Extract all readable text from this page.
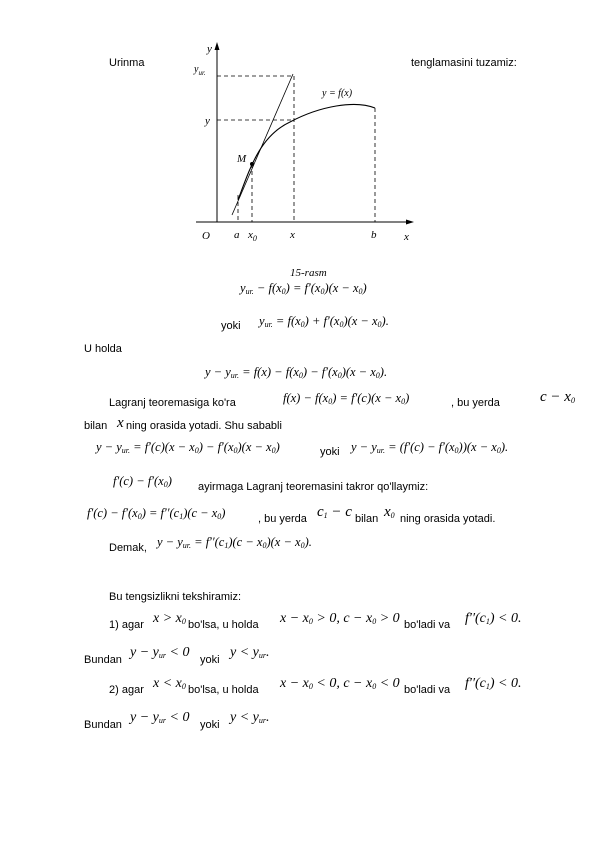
Urinma	tenglamasini tuzamiz:
y
$y_{ur.}$
y
y = f(x)
M
O a $x_0$	x	b	x
15-rasm
$y_{ur.} - f(x_0) = f'(x_0)(x - x_0)$
yoki $y_{ur.} = f(x_0) + f'(x_0)(x - x_0)$.
U holda
$y - y_{ur.} = f(x) - f(x_0) - f'(x_0)(x - x_0)$.
Lagranj teoremasiga ko'ra	$f(x) - f(x_0) = f'(c)(x - x_0)$	, bu yerda	$c - x_0$
bilan x ning orasida yotadi. Shu sababli
$y - y_{ur.} = f'(c)(x - x_0) - f'(x_0)(x - x_0)$	yoki $y - y_{ur.} = (f'(c) - f'(x_0))(x - x_0)$.
$f'(c) - f'(x_0)$ ayirmaga Lagranj teoremasini takror qo'llaymiz:
$f'(c) - f'(x_0) = f''(c_1)(c - x_0)$	, bu yerda $c_1 - c$ bilan $x_0$ ning orasida yotadi.
Demak, $y - y_{ur.} = f''(c_1)(c - x_0)(x - x_0)$.
Bu tengsizlikni tekshiramiz:
1) agar $x > x_0$ bo'lsa, u holda $x - x_0 > 0$, $c - x_0 > 0$ bo'ladi va $f''(c_1) < 0$.
Bundan $y - y_{ur} < 0$ yoki $y < y_{ur}$.
2) agar $x < x_0$ bo'lsa, u holda $x - x_0 < 0$, $c - x_0 < 0$ bo'ladi va $f''(c_1) < 0$.
Bundan $y - y_{ur} < 0$ yoki $y < y_{ur}$.
